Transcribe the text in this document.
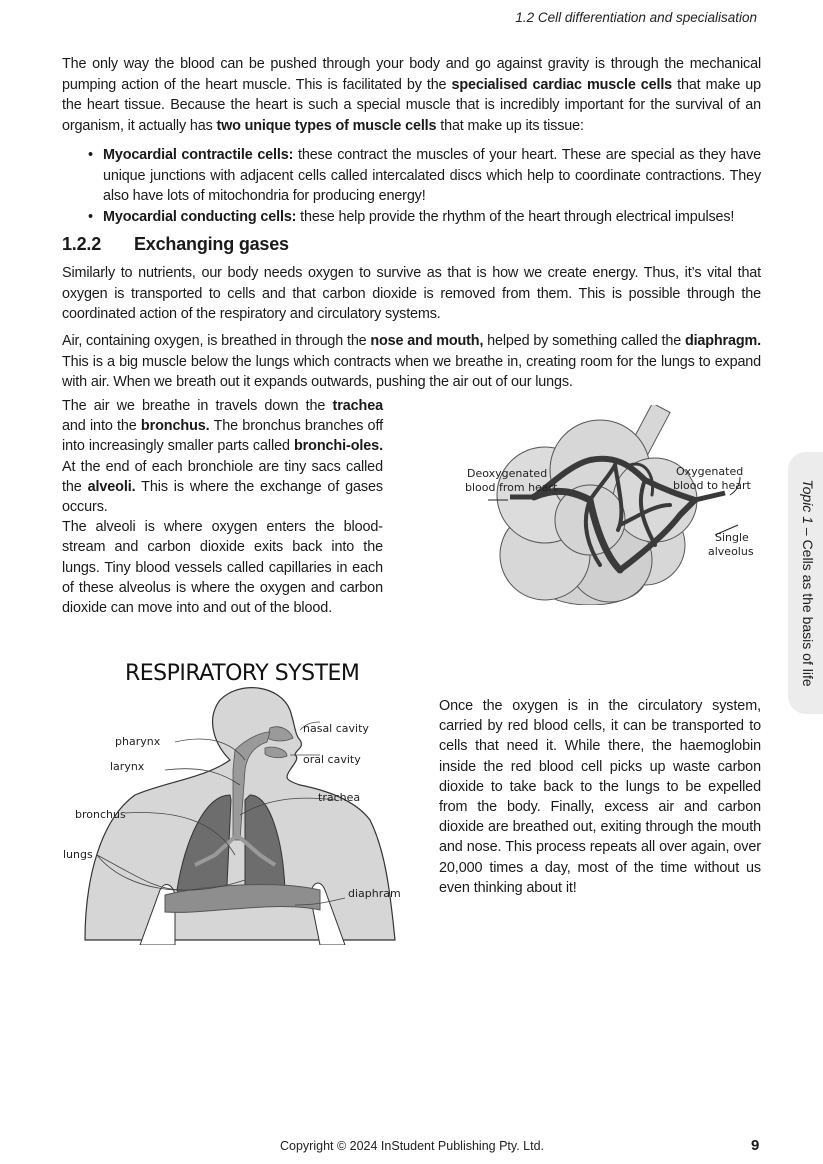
1.2 Cell differentiation and specialisation
The only way the blood can be pushed through your body and go against gravity is through the mechanical pumping action of the heart muscle. This is facilitated by the specialised cardiac muscle cells that make up the heart tissue. Because the heart is such a special muscle that is incredibly important for the survival of an organism, it actually has two unique types of muscle cells that make up its tissue:
• Myocardial contractile cells: these contract the muscles of your heart. These are special as they have unique junctions with adjacent cells called intercalated discs which help to coordinate contractions. They also have lots of mitochondria for producing energy!
• Myocardial conducting cells: these help provide the rhythm of the heart through electrical impulses!
1.2.2 Exchanging gases
Similarly to nutrients, our body needs oxygen to survive as that is how we create energy. Thus, it’s vital that oxygen is transported to cells and that carbon dioxide is removed from them. This is possible through the coordinated action of the respiratory and circulatory systems.
Air, containing oxygen, is breathed in through the nose and mouth, helped by something called the diaphragm. This is a big muscle below the lungs which contracts when we breathe in, creating room for the lungs to expand with air. When we breath out it expands outwards, pushing the air out of our lungs.
The air we breathe in travels down the trachea and into the bronchus. The bronchus branches off into increasingly smaller parts called bronchi-oles. At the end of each bronchiole are tiny sacs called the alveoli. This is where the exchange of gases occurs.
The alveoli is where oxygen enters the blood-stream and carbon dioxide exits back into the lungs. Tiny blood vessels called capillaries in each of these alveolus is where the oxygen and carbon dioxide can move into and out of the blood.
Deoxygenated
blood from heart
Oxygenated
blood to heart
Single
alveolus
RESPIRATORY SYSTEM
pharynx
larynx
bronchus
lungs
nasal cavity
oral cavity
trachea
diaphram
Once the oxygen is in the circulatory system, carried by red blood cells, it can be transported to cells that need it. While there, the haemoglobin inside the red blood cell picks up waste carbon dioxide to take back to the lungs to be expelled from the body. Finally, excess air and carbon dioxide are breathed out, exiting through the mouth and nose. This process repeats all over again, over 20,000 times a day, most of the time without us even thinking about it!
Topic 1 – Cells as the basis of life
Copyright © 2024 InStudent Publishing Pty. Ltd.	9
